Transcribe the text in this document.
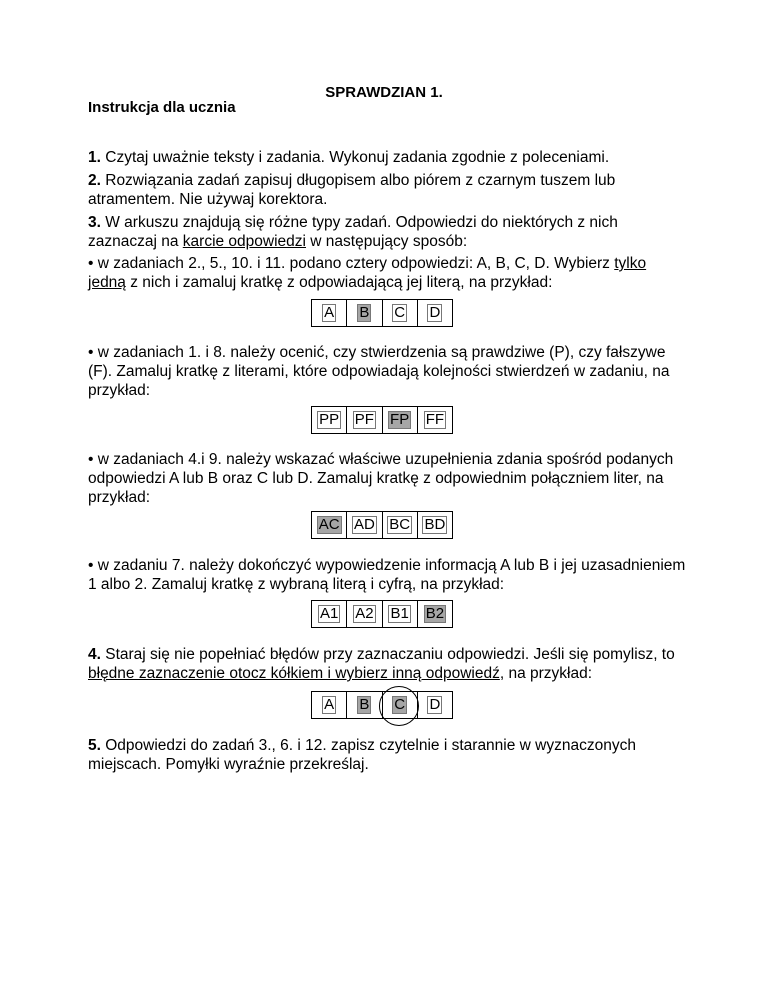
SPRAWDZIAN 1.
Instrukcja dla ucznia
1. Czytaj uważnie teksty i zadania. Wykonuj zadania zgodnie z poleceniami.
2. Rozwiązania zadań zapisuj długopisem albo piórem z czarnym tuszem lub atramentem. Nie używaj korektora.
3. W arkuszu znajdują się różne typy zadań. Odpowiedzi do niektórych z nich zaznaczaj na karcie odpowiedzi w następujący sposób:
• w zadaniach 2., 5., 10. i 11. podano cztery odpowiedzi: A, B, C, D. Wybierz tylko jedną z nich i zamaluj kratkę z odpowiadającą jej literą, na przykład:
A B C D
• w zadaniach 1. i 8. należy ocenić, czy stwierdzenia są prawdziwe (P), czy fałszywe (F). Zamaluj kratkę z literami, które odpowiadają kolejności stwierdzeń w zadaniu, na przykład:
PP PF FP FF
• w zadaniach 4.i 9. należy wskazać właściwe uzupełnienia zdania spośród podanych odpowiedzi A lub B oraz C lub D. Zamaluj kratkę z odpowiednim połączniem liter, na przykład:
AC AD BC BD
• w zadaniu 7. należy dokończyć wypowiedzenie informacją A lub B i jej uzasadnieniem 1 albo 2. Zamaluj kratkę z wybraną literą i cyfrą, na przykład:
A1 A2 B1 B2
4. Staraj się nie popełniać błędów przy zaznaczaniu odpowiedzi. Jeśli się pomylisz, to błędne zaznaczenie otocz kółkiem i wybierz inną odpowiedź, na przykład:
A B C D
5. Odpowiedzi do zadań 3., 6. i 12. zapisz czytelnie i starannie w wyznaczonych miejscach. Pomyłki wyraźnie przekreślaj.
